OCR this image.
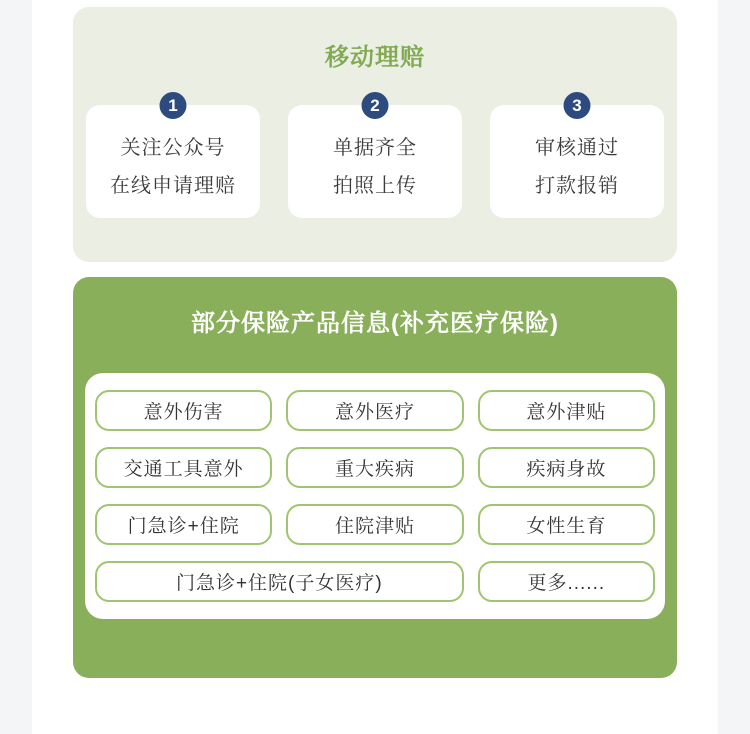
移动理赔
1
关注公众号
在线申请理赔
2
单据齐全
拍照上传
3
审核通过
打款报销
部分保险产品信息(补充医疗保险)
意外伤害	意外医疗	意外津贴
交通工具意外	重大疾病	疾病身故
门急诊+住院	住院津贴	女性生育
门急诊+住院(子女医疗)	更多......
